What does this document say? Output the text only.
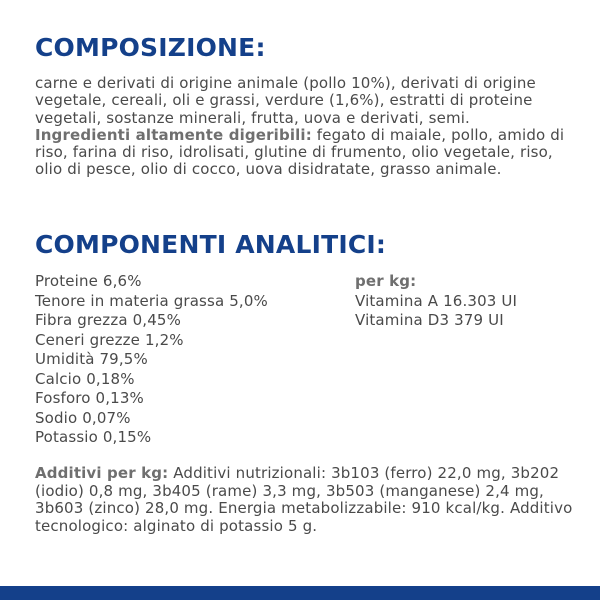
COMPOSIZIONE:

carne e derivati di origine animale (pollo 10%), derivati di origine vegetale, cereali, oli e grassi, verdure (1,6%), estratti di proteine vegetali, sostanze minerali, frutta, uova e derivati, semi.
Ingredienti altamente digeribili: fegato di maiale, pollo, amido di riso, farina di riso, idrolisati, glutine di frumento, olio vegetale, riso, olio di pesce, olio di cocco, uova disidratate, grasso animale.

COMPONENTI ANALITICI:
Proteine 6,6%
Tenore in materia grassa 5,0%
Fibra grezza 0,45%
Ceneri grezze 1,2%
Umidità 79,5%
Calcio 0,18%
Fosforo 0,13%
Sodio 0,07%
Potassio 0,15%
per kg:
Vitamina A 16.303 UI
Vitamina D3 379 UI

Additivi per kg: Additivi nutrizionali: 3b103 (ferro) 22,0 mg, 3b202 (iodio) 0,8 mg, 3b405 (rame) 3,3 mg, 3b503 (manganese) 2,4 mg, 3b603 (zinco) 28,0 mg. Energia metabolizzabile: 910 kcal/kg. Additivo tecnologico: alginato di potassio 5 g.
